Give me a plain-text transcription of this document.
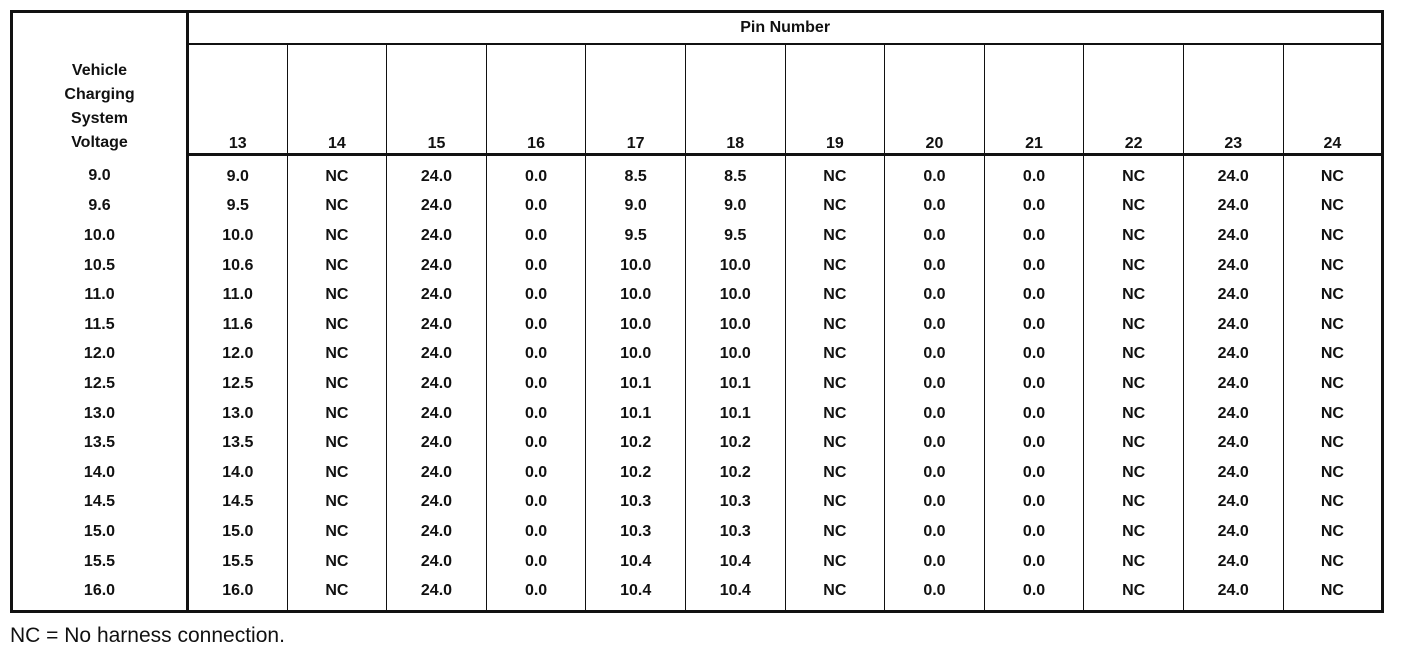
Vehicle
Charging
System
Voltage	Pin Number											
	13	14	15	16	17	18	19	20	21	22	23	24
9.0	9.0	NC	24.0	0.0	8.5	8.5	NC	0.0	0.0	NC	24.0	NC
9.6	9.5	NC	24.0	0.0	9.0	9.0	NC	0.0	0.0	NC	24.0	NC
10.0	10.0	NC	24.0	0.0	9.5	9.5	NC	0.0	0.0	NC	24.0	NC
10.5	10.6	NC	24.0	0.0	10.0	10.0	NC	0.0	0.0	NC	24.0	NC
11.0	11.0	NC	24.0	0.0	10.0	10.0	NC	0.0	0.0	NC	24.0	NC
11.5	11.6	NC	24.0	0.0	10.0	10.0	NC	0.0	0.0	NC	24.0	NC
12.0	12.0	NC	24.0	0.0	10.0	10.0	NC	0.0	0.0	NC	24.0	NC
12.5	12.5	NC	24.0	0.0	10.1	10.1	NC	0.0	0.0	NC	24.0	NC
13.0	13.0	NC	24.0	0.0	10.1	10.1	NC	0.0	0.0	NC	24.0	NC
13.5	13.5	NC	24.0	0.0	10.2	10.2	NC	0.0	0.0	NC	24.0	NC
14.0	14.0	NC	24.0	0.0	10.2	10.2	NC	0.0	0.0	NC	24.0	NC
14.5	14.5	NC	24.0	0.0	10.3	10.3	NC	0.0	0.0	NC	24.0	NC
15.0	15.0	NC	24.0	0.0	10.3	10.3	NC	0.0	0.0	NC	24.0	NC
15.5	15.5	NC	24.0	0.0	10.4	10.4	NC	0.0	0.0	NC	24.0	NC
16.0	16.0	NC	24.0	0.0	10.4	10.4	NC	0.0	0.0	NC	24.0	NC
NC = No harness connection.
